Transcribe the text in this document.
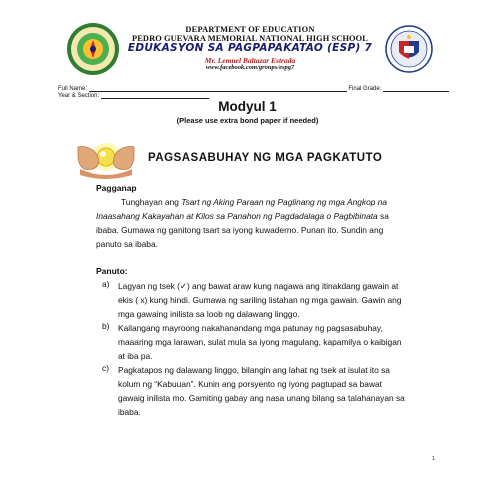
DEPARTMENT OF EDUCATION
PEDRO GUEVARA MEMORIAL NATIONAL HIGH SCHOOL
EDUKASYON SA PAGPAPAKATAO (ESP) 7
Mr. Lemuel Baltazar Estrada
www.facebook.com/groups/espg7
Full Name:	Final Grade:
Year & Section:
Modyul 1
(Please use extra bond paper if needed)
PAGSASABUHAY NG MGA PAGKATUTO
Pagganap
Tunghayan ang Tsart ng Aking Paraan ng Paglinang ng mga Angkop na
Inaasahang Kakayahan at Kilos sa Panahon ng Pagdadalaga o Pagbibinata sa
ibaba. Gumawa ng ganitong tsart sa iyong kuwaderno. Punan ito. Sundin ang
panuto sa ibaba.
Panuto:
a) Lagyan ng tsek (✓) ang bawat araw kung nagawa ang itinakdang gawain at
ekis ( x) kung hindi. Gumawa ng sariling listahan ng mga gawain. Gawin ang
mga gawaing inilista sa loob ng dalawang linggo.
b) Kailangang mayroong nakahanandang mga patunay ng pagsasabuhay,
maaaring mga larawan, sulat mula sa iyong magulang, kapamilya o kaibigan
at iba pa.
c) Pagkatapos ng dalawang linggo, bilangin ang lahat ng tsek at isulat ito sa
kolum ng “Kabuuan”. Kunin ang porsyento ng iyong pagtupad sa bawat
gawaig inilista mo. Gamiting gabay ang nasa unang bilang sa talahanayan sa
ibaba.
1
